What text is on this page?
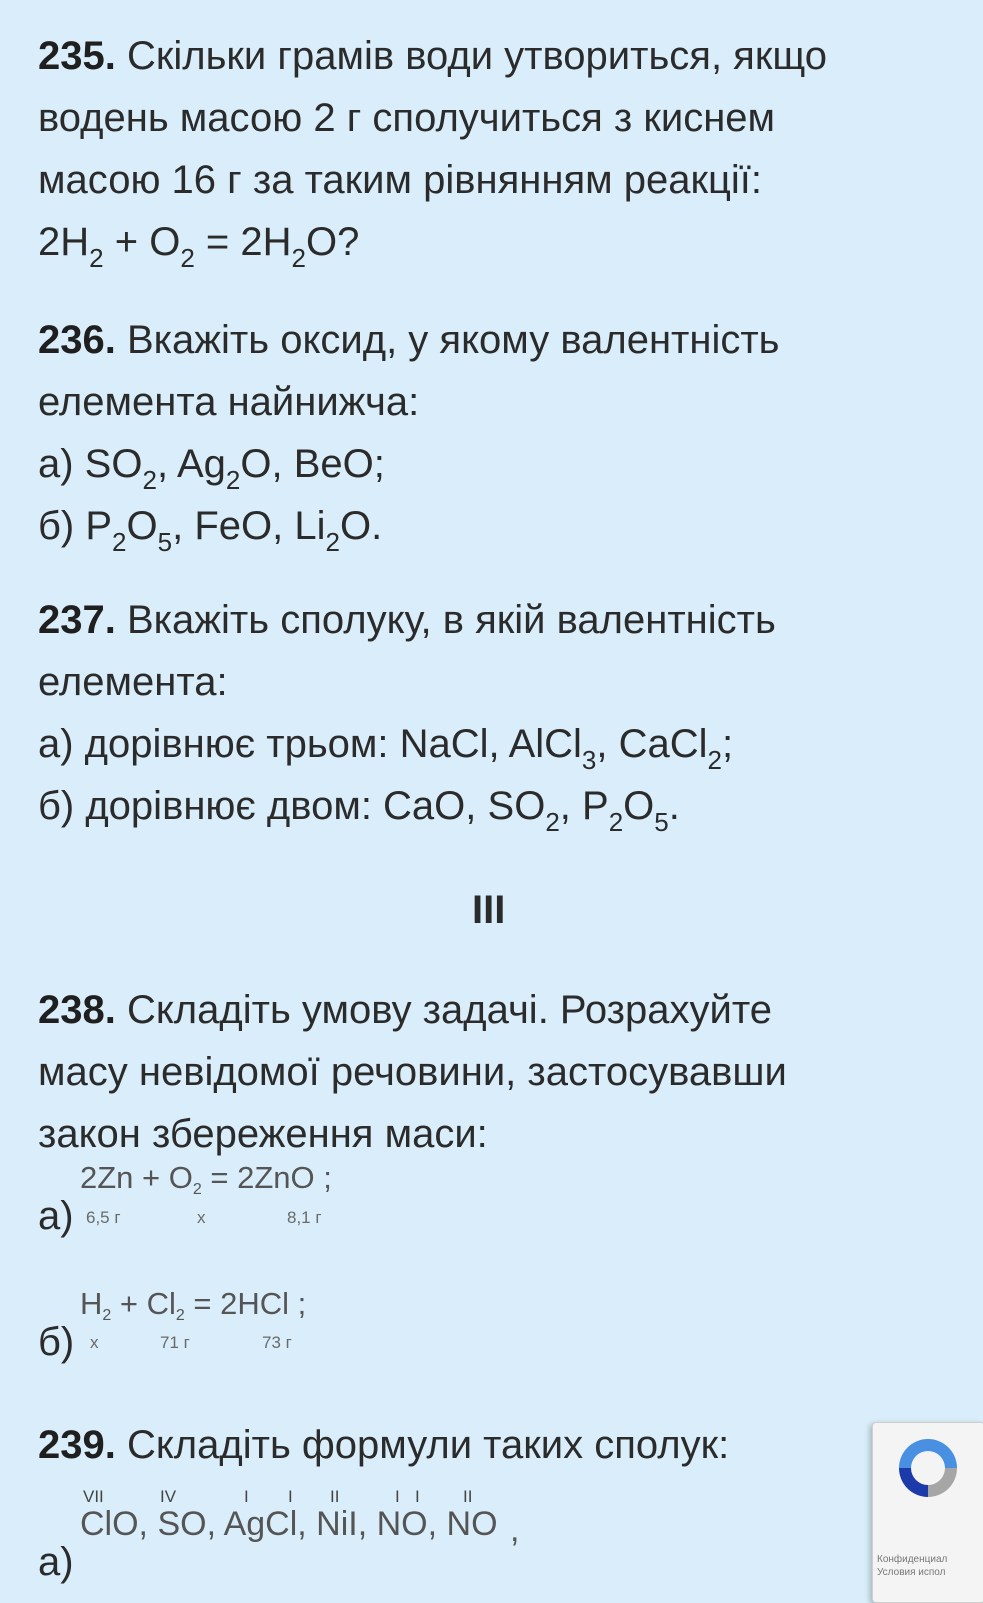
235. Скільки грамів води утвориться, якщо
водень масою 2 г сполучиться з киснем
масою 16 г за таким рівнянням реакції:
$2H_2 + O_2 = 2H_2O$?
236. Вкажіть оксид, у якому валентність
елемента найнижча:
а) $SO_2$, $Ag_2O$, BeO;
б) $P_2O_5$, FeO, $Li_2O$.
237. Вкажіть сполуку, в якій валентність
елемента:
а) дорівнює трьом: NaCl, AlCl$_3$, CaCl$_2$;
б) дорівнює двом: CaO, $SO_2$, $P_2O_5$.
III
238. Складіть умову задачі. Розрахуйте
масу невідомої речовини, застосувавши
закон збереження маси:
а)
$2Zn + O_2 = 2ZnO$ ;
6,5 г	x	8,1 г
б)
$H_2 + Cl_2 = 2HCl$ ;
x	71 г	73 г
239. Складіть формули таких сполук:
а)
VII	IV	I I II	I I	II
ClO, SO, AgCl, NiI, NO, NO ,
Конфиденциал
Условия испол
